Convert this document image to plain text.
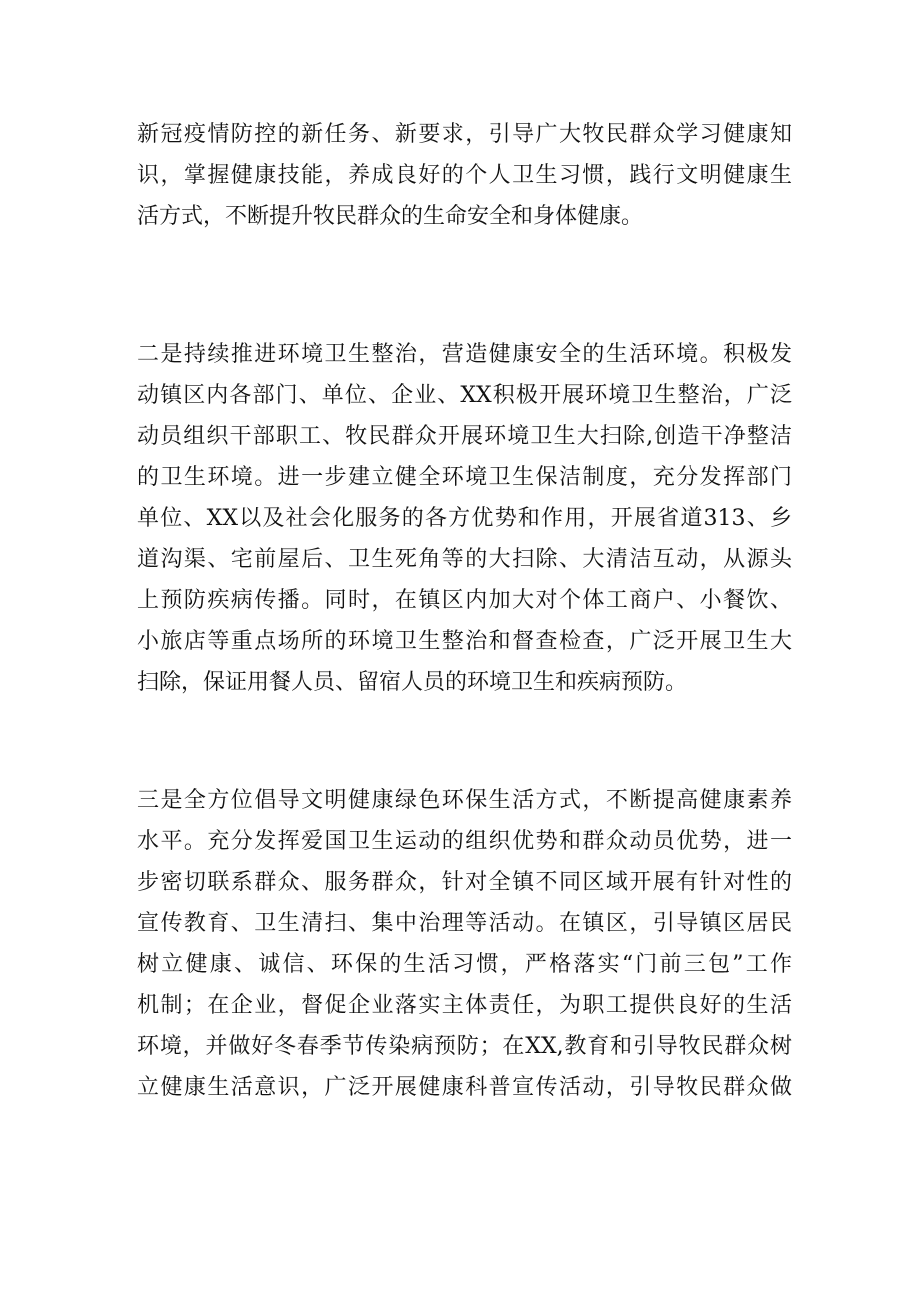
新冠疫情防控的新任务、新要求，引导广大牧民群众学习健康知
识，掌握健康技能，养成良好的个人卫生习惯，践行文明健康生
活方式，不断提升牧民群众的生命安全和身体健康。
二是持续推进环境卫生整治，营造健康安全的生活环境。积极发
动镇区内各部门、单位、企业、XX积极开展环境卫生整治，广泛
动员组织干部职工、牧民群众开展环境卫生大扫除,创造干净整洁
的卫生环境。进一步建立健全环境卫生保洁制度，充分发挥部门
单位、XX以及社会化服务的各方优势和作用，开展省道313、乡
道沟渠、宅前屋后、卫生死角等的大扫除、大清洁互动，从源头
上预防疾病传播。同时，在镇区内加大对个体工商户、小餐饮、
小旅店等重点场所的环境卫生整治和督查检查，广泛开展卫生大
扫除，保证用餐人员、留宿人员的环境卫生和疾病预防。
三是全方位倡导文明健康绿色环保生活方式，不断提高健康素养
水平。充分发挥爱国卫生运动的组织优势和群众动员优势，进一
步密切联系群众、服务群众，针对全镇不同区域开展有针对性的
宣传教育、卫生清扫、集中治理等活动。在镇区，引导镇区居民
树立健康、诚信、环保的生活习惯，严格落实“门前三包”工作
机制；在企业，督促企业落实主体责任，为职工提供良好的生活
环境，并做好冬春季节传染病预防；在XX,教育和引导牧民群众树
立健康生活意识，广泛开展健康科普宣传活动，引导牧民群众做
